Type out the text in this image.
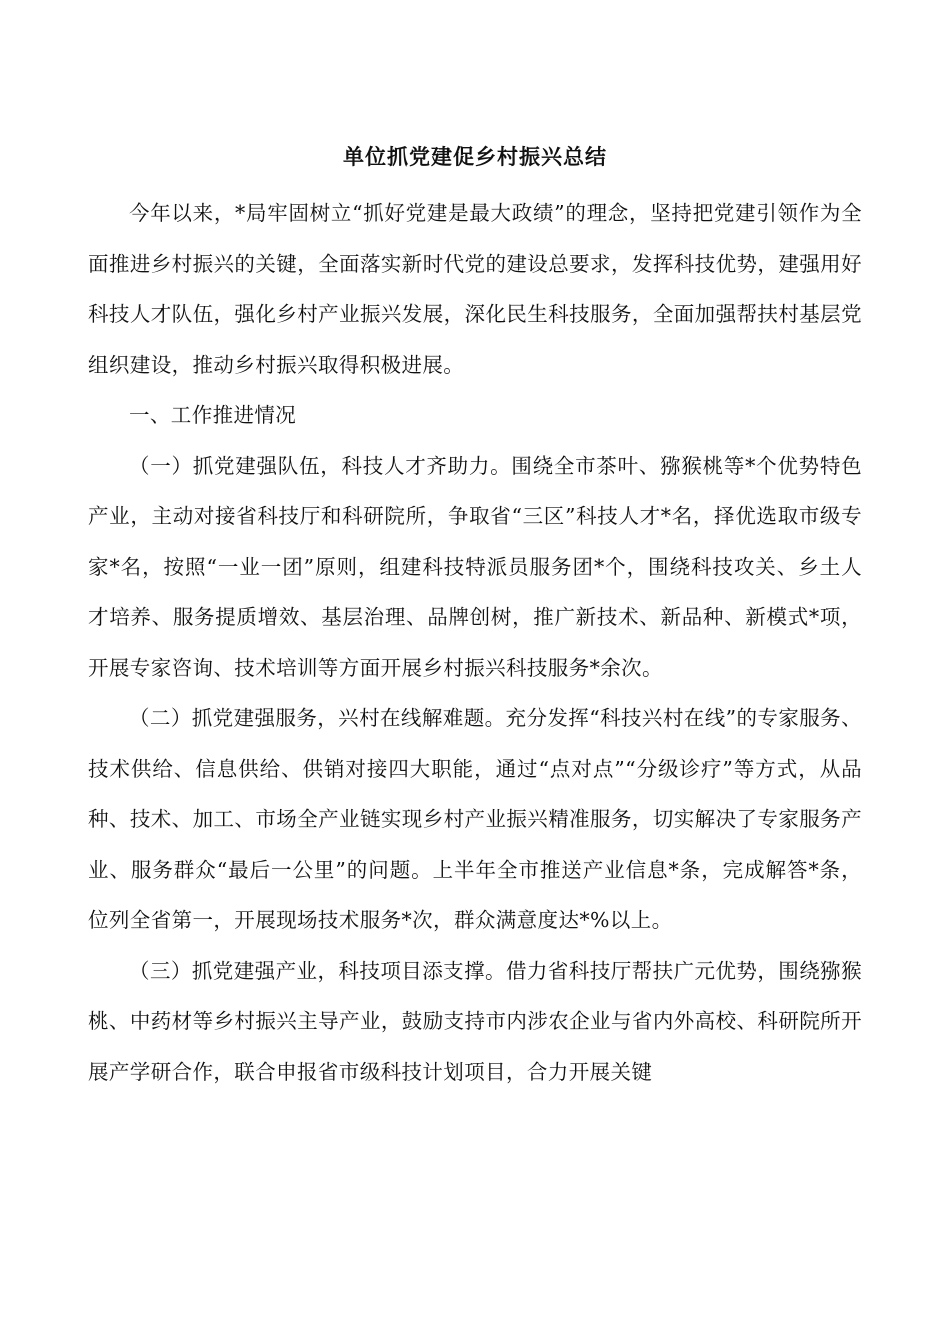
单位抓党建促乡村振兴总结

今年以来，*局牢固树立“抓好党建是最大政绩”的理念，坚持把党建引领作为全面推进乡村振兴的关键，全面落实新时代党的建设总要求，发挥科技优势，建强用好科技人才队伍，强化乡村产业振兴发展，深化民生科技服务，全面加强帮扶村基层党组织建设，推动乡村振兴取得积极进展。

一、工作推进情况

（一）抓党建强队伍，科技人才齐助力。围绕全市茶叶、猕猴桃等*个优势特色产业，主动对接省科技厅和科研院所，争取省“三区”科技人才*名，择优选取市级专家*名，按照“一业一团”原则，组建科技特派员服务团*个，围绕科技攻关、乡土人才培养、服务提质增效、基层治理、品牌创树，推广新技术、新品种、新模式*项，开展专家咨询、技术培训等方面开展乡村振兴科技服务*余次。

（二）抓党建强服务，兴村在线解难题。充分发挥“科技兴村在线”的专家服务、技术供给、信息供给、供销对接四大职能，通过“点对点”“分级诊疗”等方式，从品种、技术、加工、市场全产业链实现乡村产业振兴精准服务，切实解决了专家服务产业、服务群众“最后一公里”的问题。上半年全市推送产业信息*条，完成解答*条，位列全省第一，开展现场技术服务*次，群众满意度达*%以上。

（三）抓党建强产业，科技项目添支撑。借力省科技厅帮扶广元优势，围绕猕猴桃、中药材等乡村振兴主导产业，鼓励支持市内涉农企业与省内外高校、科研院所开展产学研合作，联合申报省市级科技计划项目，合力开展关键
